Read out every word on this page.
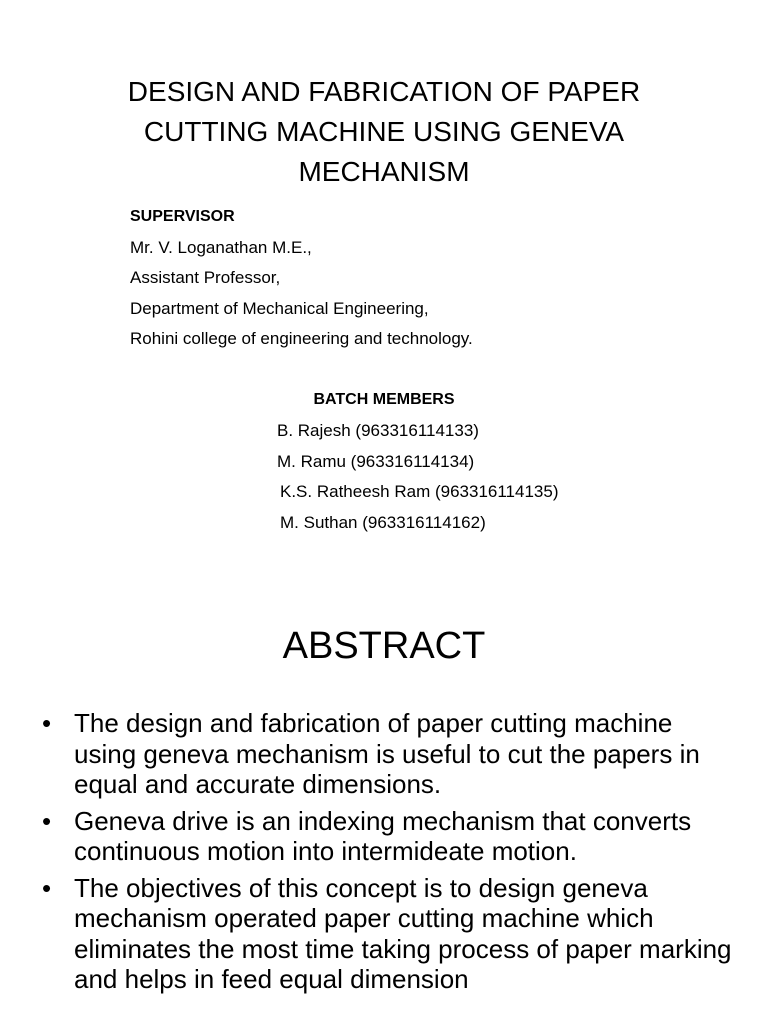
DESIGN AND FABRICATION OF PAPER
CUTTING MACHINE USING GENEVA
MECHANISM
SUPERVISOR
Mr. V. Loganathan M.E.,
Assistant Professor,
Department of Mechanical Engineering,
Rohini college of engineering and technology.
BATCH MEMBERS
B. Rajesh (963316114133)
M. Ramu (963316114134)
K.S. Ratheesh Ram (963316114135)
M. Suthan (963316114162)
ABSTRACT
• The design and fabrication of paper cutting machine using geneva mechanism is useful to cut the papers in equal and accurate dimensions.
• Geneva drive is an indexing mechanism that converts continuous motion into intermideate motion.
• The objectives of this concept is to design geneva mechanism operated paper cutting machine which eliminates the most time taking process of paper marking and helps in feed equal dimension
